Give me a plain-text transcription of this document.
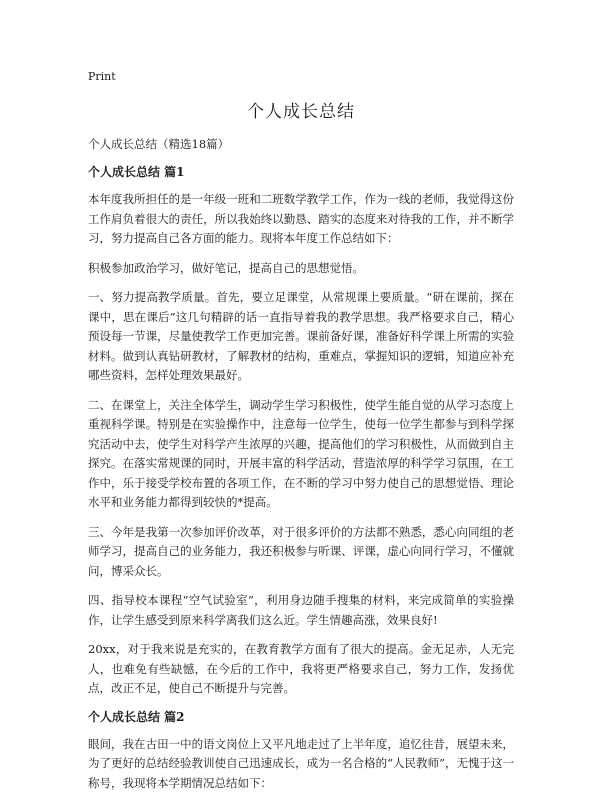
Print
个人成长总结
个人成长总结（精选18篇）
个人成长总结 篇1

本年度我所担任的是一年级一班和二班数学教学工作，作为一线的老师，我觉得这份工作肩负着很大的责任，所以我始终以勤恳、踏实的态度来对待我的工作，并不断学习，努力提高自己各方面的能力。现将本年度工作总结如下：

积极参加政治学习，做好笔记，提高自己的思想觉悟。

一、努力提高教学质量。首先，要立足课堂，从常规课上要质量。“研在课前，探在课中，思在课后”这几句精辟的话一直指导着我的教学思想。我严格要求自己，精心预设每一节课，尽量使教学工作更加完善。课前备好课，准备好科学课上所需的实验材料。做到认真钻研教材，了解教材的结构，重难点，掌握知识的逻辑，知道应补充哪些资料，怎样处理效果最好。

二、在课堂上，关注全体学生，调动学生学习积极性，使学生能自觉的从学习态度上重视科学课。特别是在实验操作中，注意每一位学生，使每一位学生都参与到科学探究活动中去，使学生对科学产生浓厚的兴趣，提高他们的学习积极性，从而做到自主探究。在落实常规课的同时，开展丰富的科学活动，营造浓厚的科学学习氛围，在工作中，乐于接受学校布置的各项工作，在不断的学习中努力使自己的思想觉悟、理论水平和业务能力都得到较快的*提高。

三、今年是我第一次参加评价改革，对于很多评价的方法都不熟悉，悉心向同组的老师学习，提高自己的业务能力，我还积极参与听课、评课，虚心向同行学习，不懂就问，博采众长。

四、指导校本课程“空气试验室”，利用身边随手搜集的材料，来完成简单的实验操作，让学生感受到原来科学离我们这么近。学生情趣高涨，效果良好!

20xx，对于我来说是充实的，在教育教学方面有了很大的提高。金无足赤，人无完人，也难免有些缺憾，在今后的工作中，我将更严格要求自己，努力工作，发扬优点，改正不足，使自己不断提升与完善。

个人成长总结 篇2

眼间，我在古田一中的语文岗位上又平凡地走过了上半年度，追忆往昔，展望未来，为了更好的总结经验教训使自己迅速成长，成为一名合格的“人民教师”，无愧于这一称号，我现将本学期情况总结如下：
